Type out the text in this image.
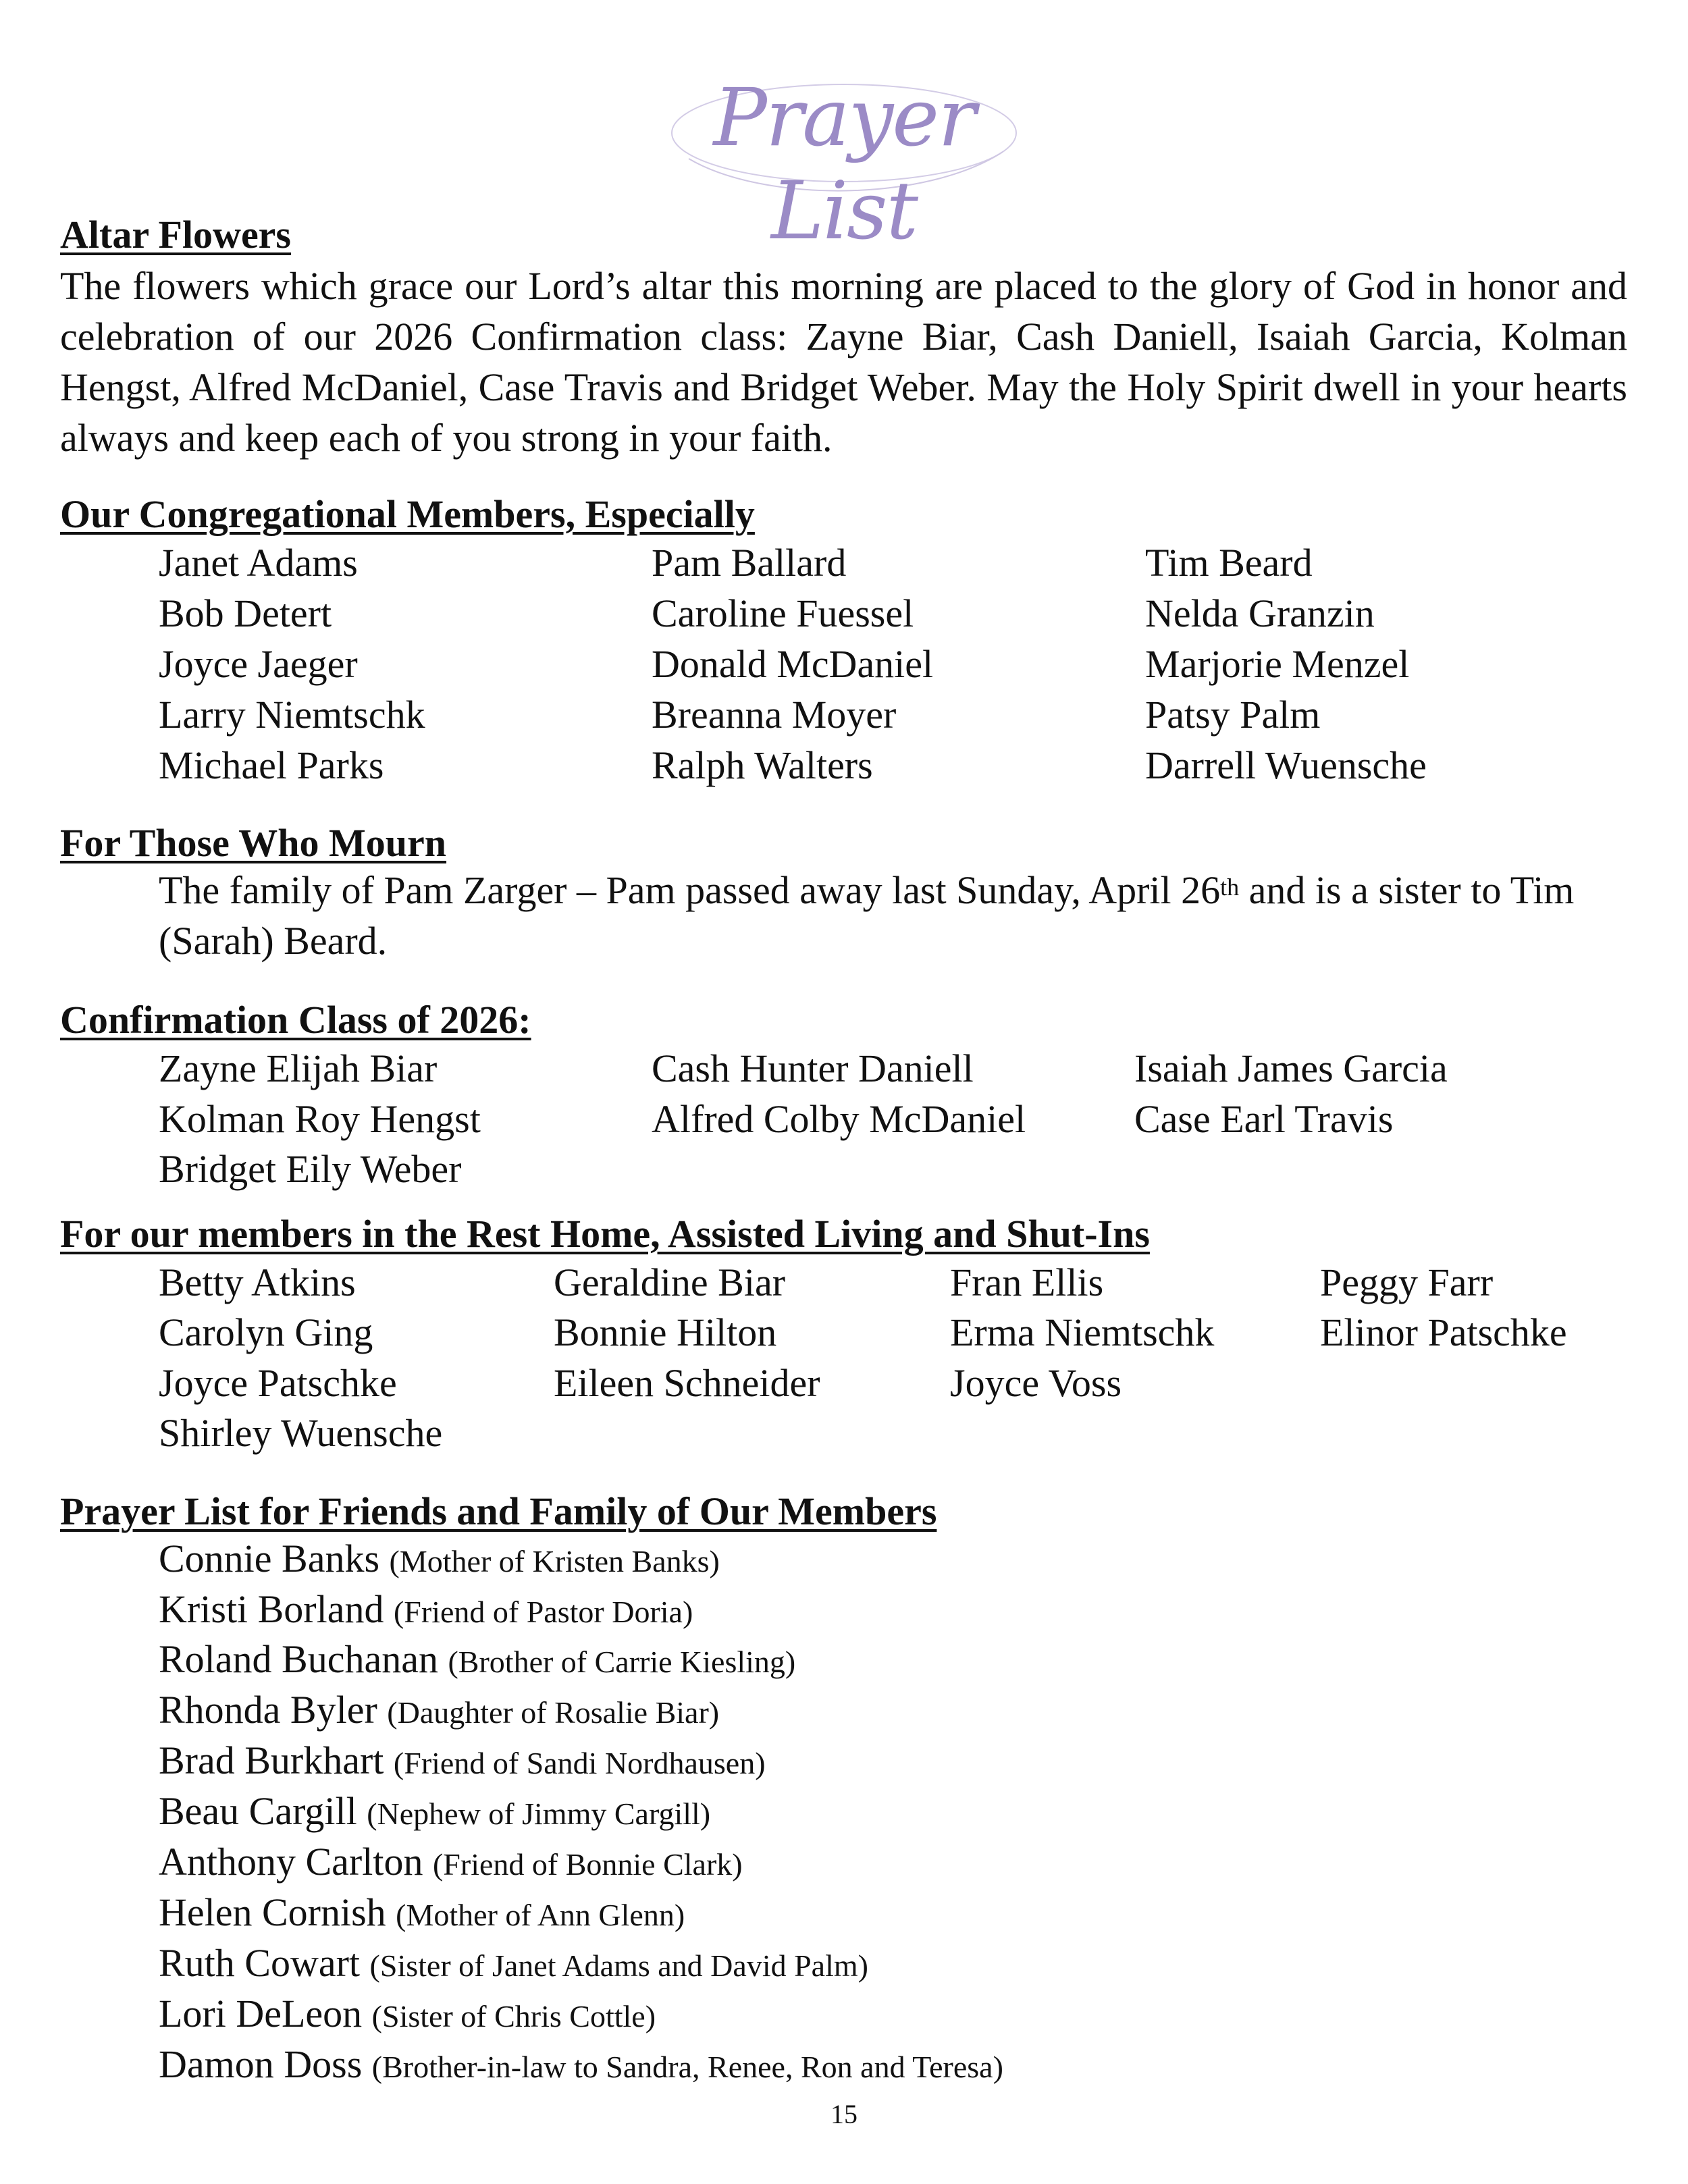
Prayer List
Altar Flowers

The flowers which grace our Lord’s altar this morning are placed to the glory of God in honor and celebration of our 2026 Confirmation class: Zayne Biar, Cash Daniell, Isaiah Garcia, Kolman Hengst, Alfred McDaniel, Case Travis and Bridget Weber. May the Holy Spirit dwell in your hearts always and keep each of you strong in your faith.

Our Congregational Members, Especially
Janet Adams	Pam Ballard	Tim Beard
Bob Detert	Caroline Fuessel	Nelda Granzin
Joyce Jaeger	Donald McDaniel	Marjorie Menzel
Larry Niemtschk	Breanna Moyer	Patsy Palm
Michael Parks	Ralph Walters	Darrell Wuensche
For Those Who Mourn

The family of Pam Zarger – Pam passed away last Sunday, April 26th and is a sister to Tim (Sarah) Beard.

Confirmation Class of 2026:
Zayne Elijah Biar	Cash Hunter Daniell	Isaiah James Garcia
Kolman Roy Hengst	Alfred Colby McDaniel	Case Earl Travis
Bridget Eily Weber
For our members in the Rest Home, Assisted Living and Shut-Ins
Betty Atkins	Geraldine Biar	Fran Ellis	Peggy Farr
Carolyn Ging	Bonnie Hilton	Erma Niemtschk	Elinor Patschke
Joyce Patschke	Eileen Schneider	Joyce Voss
Shirley Wuensche
Prayer List for Friends and Family of Our Members
Connie Banks (Mother of Kristen Banks)
Kristi Borland (Friend of Pastor Doria)
Roland Buchanan (Brother of Carrie Kiesling)
Rhonda Byler (Daughter of Rosalie Biar)
Brad Burkhart (Friend of Sandi Nordhausen)
Beau Cargill (Nephew of Jimmy Cargill)
Anthony Carlton (Friend of Bonnie Clark)
Helen Cornish (Mother of Ann Glenn)
Ruth Cowart (Sister of Janet Adams and David Palm)
Lori DeLeon (Sister of Chris Cottle)
Damon Doss (Brother-in-law to Sandra, Renee, Ron and Teresa)
15
